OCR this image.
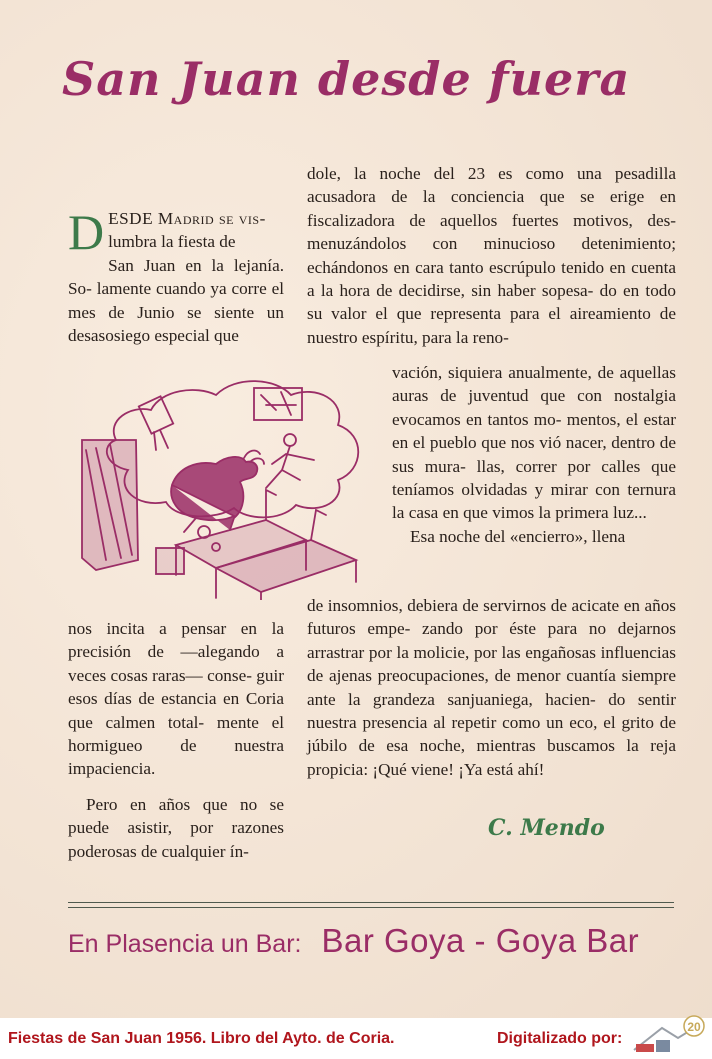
San Juan desde fuera

DESDE Madrid se vis-
lumbra la fiesta de
San Juan en la lejanía. So- lamente cuando ya corre el mes de Junio se siente un desasosiego especial que

nos incita a pensar en la precisión de —alegando a veces cosas raras— conse- guir esos días de estancia en Coria que calmen total- mente el hormigueo de nuestra impaciencia.

Pero en años que no se puede asistir, por razones poderosas de cualquier ín-

dole, la noche del 23 es como una pesadilla acusadora de la conciencia que se erige en fiscalizadora de aquellos fuertes motivos, des- menuzándolos con minucioso detenimiento; echándonos en cara tanto escrúpulo tenido en cuenta a la hora de decidirse, sin haber sopesa- do en todo su valor el que representa para el aireamiento de nuestro espíritu, para la reno-

vación, siquiera anualmente, de aquellas auras de juventud que con nostalgia evocamos en tantos mo- mentos, el estar en el pueblo que nos vió nacer, dentro de sus mura- llas, correr por calles que teníamos olvidadas y mirar con ternura la casa en que vimos la primera luz...

Esa noche del «encierro», llena

de insomnios, debiera de servirnos de acicate en años futuros empe- zando por éste para no dejarnos arrastrar por la molicie, por las engañosas influencias de ajenas preocupaciones, de menor cuantía siempre ante la grandeza sanjuaniega, hacien- do sentir nuestra presencia al repetir como un eco, el grito de júbilo de esa noche, mientras buscamos la reja propicia: ¡Qué viene! ¡Ya está ahí!

C. Mendo
En Plasencia un Bar: Bar Goya - Goya Bar
Fiestas de San Juan 1956. Libro del Ayto. de Coria.	Digitalizado por:
20
